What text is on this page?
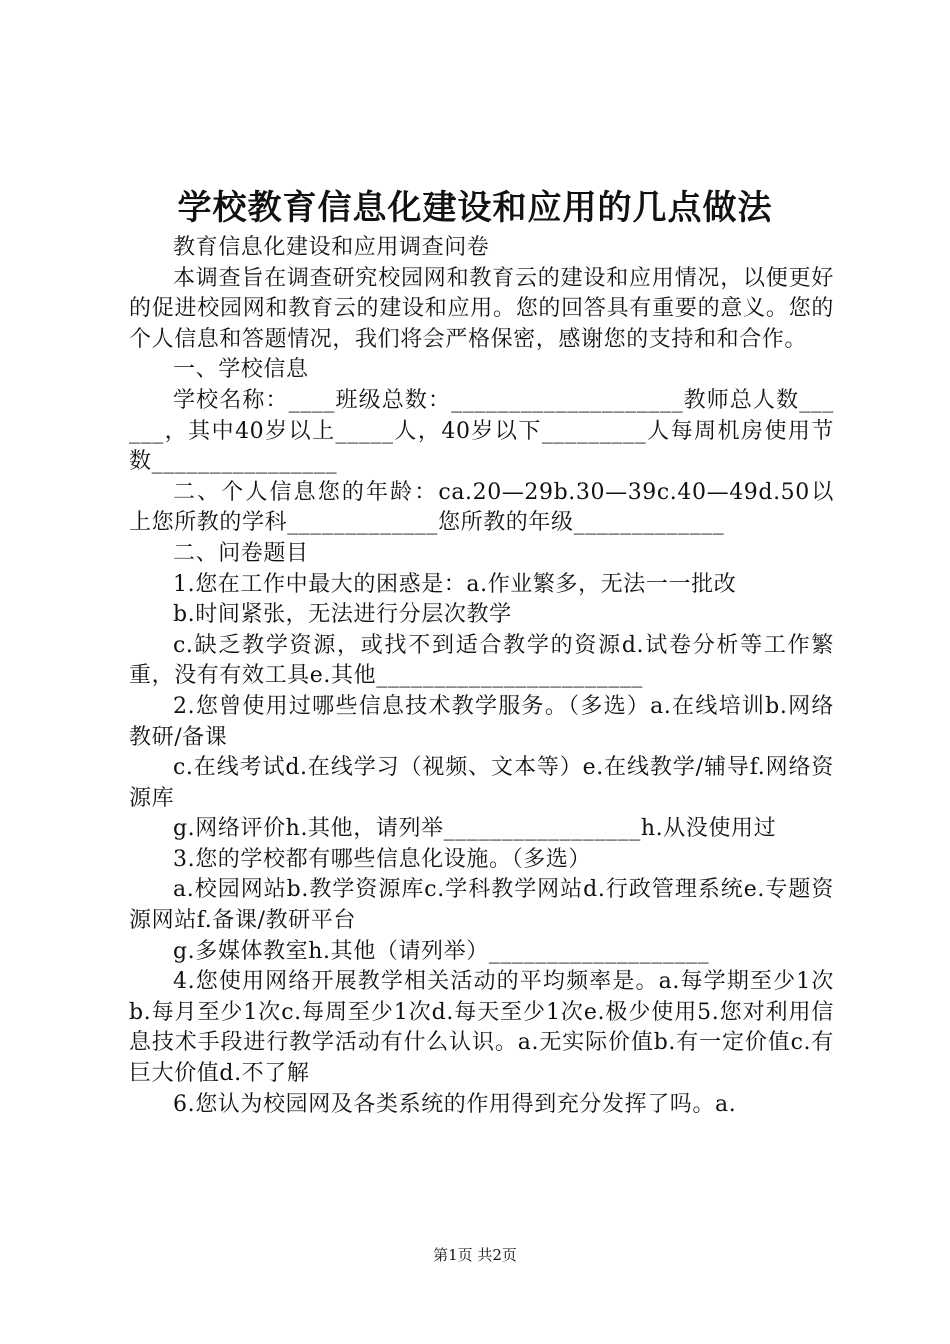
学校教育信息化建设和应用的几点做法

教育信息化建设和应用调查问卷

本调查旨在调查研究校园网和教育云的建设和应用情况，以便更好的促进校园网和教育云的建设和应用。您的回答具有重要的意义。您的个人信息和答题情况，我们将会严格保密，感谢您的支持和和合作。

一、学校信息

学校名称：____班级总数：____________________教师总人数______，其中40岁以上_____人，40岁以下_________人每周机房使用节数________________

二、个人信息您的年龄：ca.20—29b.30—39c.40—49d.50以上您所教的学科_____________您所教的年级_____________

二、问卷题目

1.您在工作中最大的困惑是：a.作业繁多，无法一一批改

b.时间紧张，无法进行分层次教学

c.缺乏教学资源，或找不到适合教学的资源d.试卷分析等工作繁重，没有有效工具e.其他_______________________

2.您曾使用过哪些信息技术教学服务。（多选）a.在线培训b.网络教研/备课

c.在线考试d.在线学习（视频、文本等）e.在线教学/辅导f.网络资源库

g.网络评价h.其他，请列举_________________h.从没使用过

3.您的学校都有哪些信息化设施。（多选）

a.校园网站b.教学资源库c.学科教学网站d.行政管理系统e.专题资源网站f.备课/教研平台

g.多媒体教室h.其他（请列举）___________________

4.您使用网络开展教学相关活动的平均频率是。a.每学期至少1次b.每月至少1次c.每周至少1次d.每天至少1次e.极少使用5.您对利用信息技术手段进行教学活动有什么认识。a.无实际价值b.有一定价值c.有巨大价值d.不了解

6.您认为校园网及各类系统的作用得到充分发挥了吗。a.

第1页 共2页
